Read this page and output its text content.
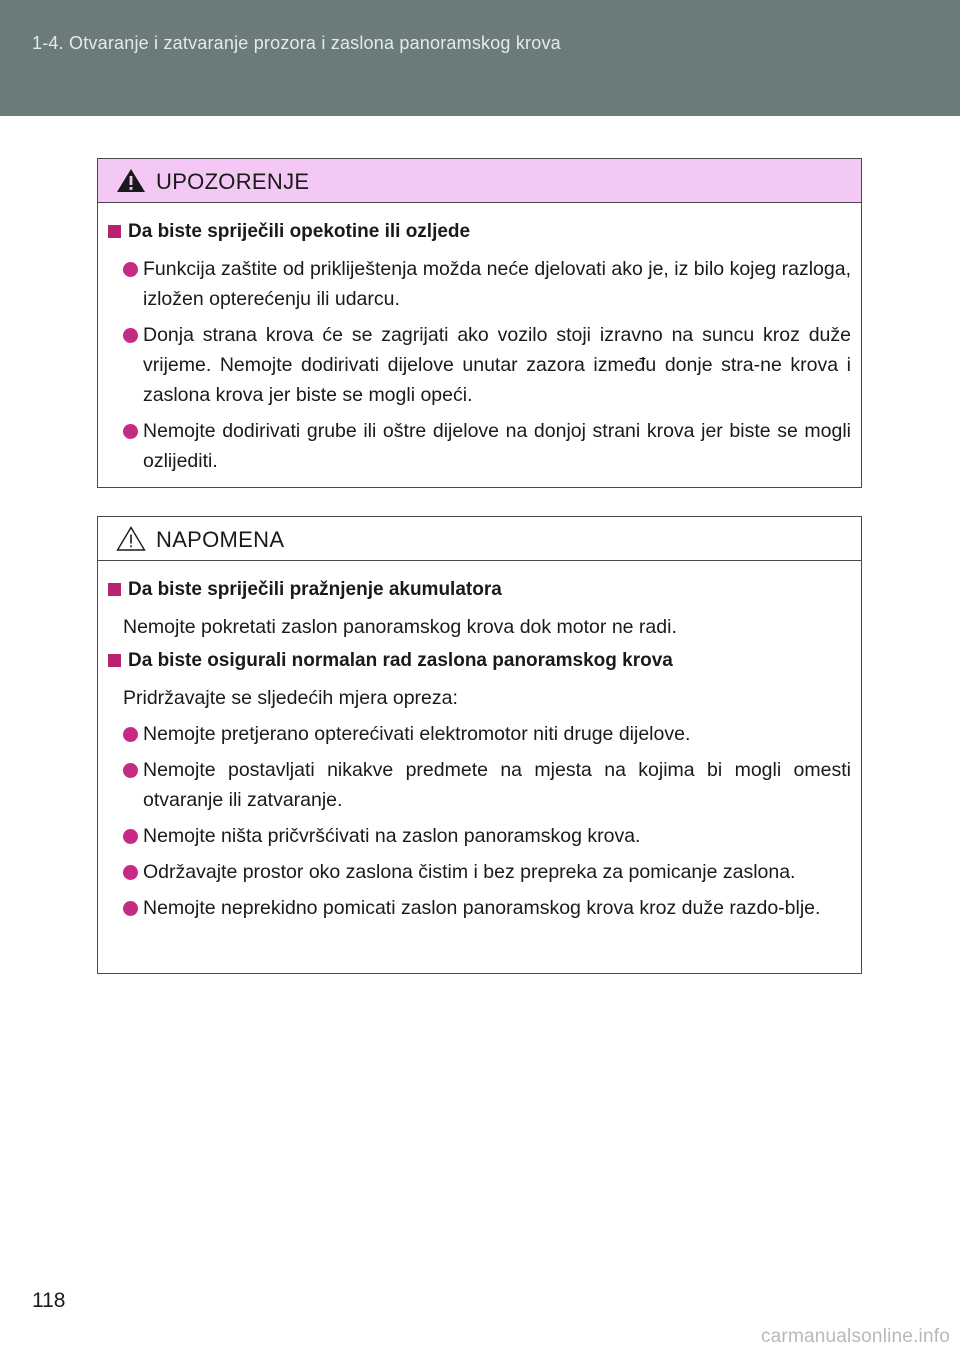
1-4. Otvaranje i zatvaranje prozora i zaslona panoramskog krova
UPOZORENJE
Da biste spriječili opekotine ili ozljede
Funkcija zaštite od prikliještenja možda neće djelovati ako je, iz bilo kojeg razloga, izložen opterećenju ili udarcu.
Donja strana krova će se zagrijati ako vozilo stoji izravno na suncu kroz duže vrijeme. Nemojte dodirivati dijelove unutar zazora između donje stra-ne krova i zaslona krova jer biste se mogli opeći.
Nemojte dodirivati grube ili oštre dijelove na donjoj strani krova jer biste se mogli ozlijediti.
NAPOMENA
Da biste spriječili pražnjenje akumulatora
Nemojte pokretati zaslon panoramskog krova dok motor ne radi.
Da biste osigurali normalan rad zaslona panoramskog krova
Pridržavajte se sljedećih mjera opreza:
Nemojte pretjerano opterećivati elektromotor niti druge dijelove.
Nemojte postavljati nikakve predmete na mjesta na kojima bi mogli omesti otvaranje ili zatvaranje.
Nemojte ništa pričvršćivati na zaslon panoramskog krova.
Održavajte prostor oko zaslona čistim i bez prepreka za pomicanje zaslona.
Nemojte neprekidno pomicati zaslon panoramskog krova kroz duže razdo-blje.
118
carmanualsonline.info
